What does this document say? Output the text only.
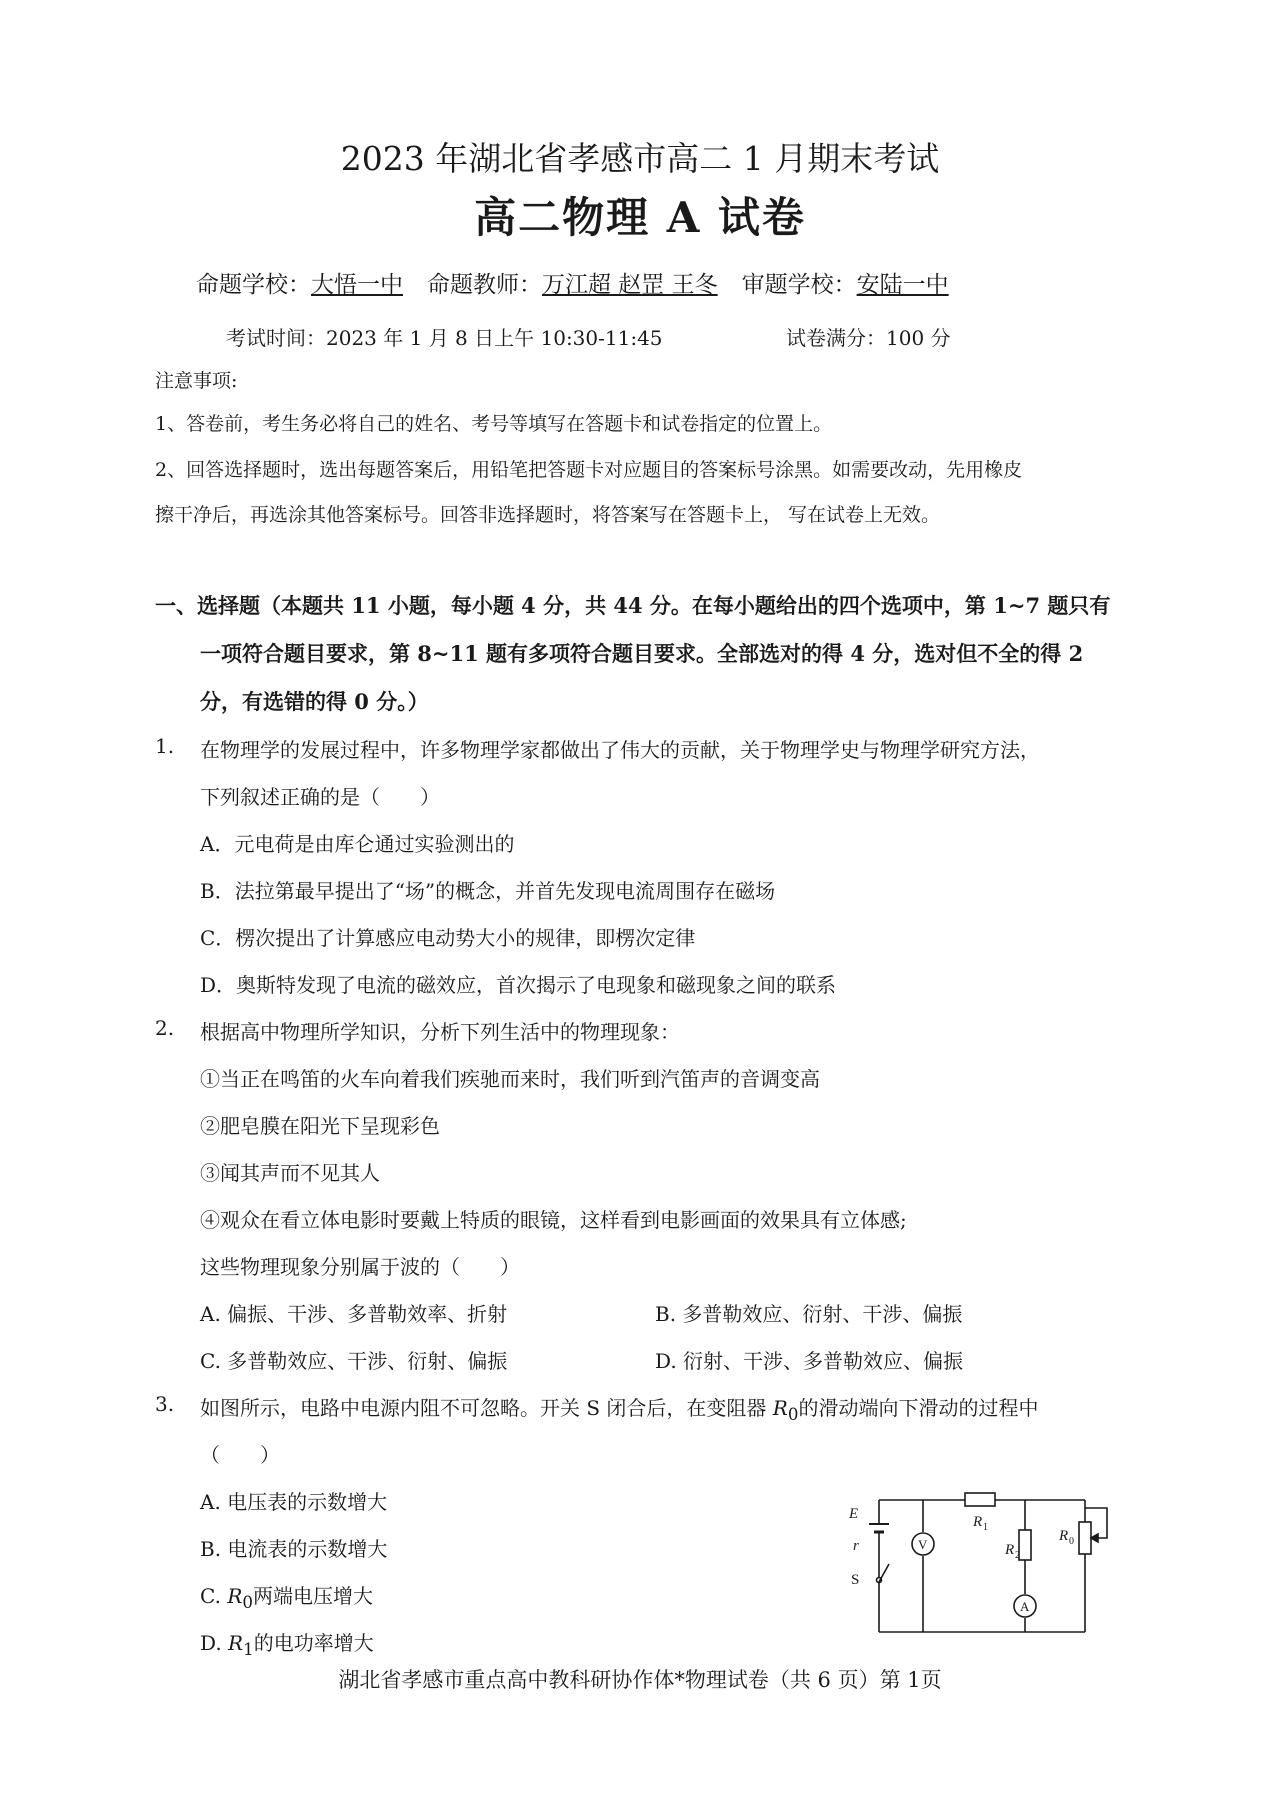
2023 年湖北省孝感市高二 1 月期末考试
高二物理 A 试卷
命题学校：大悟一中 命题教师：万江超 赵罡 王冬 审题学校：安陆一中
考试时间：2023 年 1 月 8 日上午 10:30-11:45	试卷满分：100 分
注意事项:
1、答卷前，考生务必将自己的姓名、考号等填写在答题卡和试卷指定的位置上。
2、回答选择题时，选出每题答案后，用铅笔把答题卡对应题目的答案标号涂黑。如需要改动，先用橡皮
擦干净后，再选涂其他答案标号。回答非选择题时，将答案写在答题卡上， 写在试卷上无效。
一、选择题（本题共 11 小题，每小题 4 分，共 44 分。在每小题给出的四个选项中，第 1~7 题只有
一项符合题目要求，第 8~11 题有多项符合题目要求。全部选对的得 4 分，选对但不全的得 2
分，有选错的得 0 分。）
1. 在物理学的发展过程中，许多物理学家都做出了伟大的贡献，关于物理学史与物理学研究方法，
下列叙述正确的是（　　）
A．元电荷是由库仑通过实验测出的
B．法拉第最早提出了“场”的概念，并首先发现电流周围存在磁场
C．楞次提出了计算感应电动势大小的规律，即楞次定律
D．奥斯特发现了电流的磁效应，首次揭示了电现象和磁现象之间的联系
2. 根据高中物理所学知识，分析下列生活中的物理现象：
①当正在鸣笛的火车向着我们疾驰而来时，我们听到汽笛声的音调变高
②肥皂膜在阳光下呈现彩色
③闻其声而不见其人
④观众在看立体电影时要戴上特质的眼镜，这样看到电影画面的效果具有立体感;
这些物理现象分别属于波的（　　）
A. 偏振、干涉、多普勒效率、折射	B. 多普勒效应、衍射、干涉、偏振
C. 多普勒效应、干涉、衍射、偏振	D. 衍射、干涉、多普勒效应、偏振
3. 如图所示，电路中电源内阻不可忽略。开关 S 闭合后，在变阻器 $R_0$的滑动端向下滑动的过程中
（　　）
A. 电压表的示数增大
B. 电流表的示数增大
C. $R_0$两端电压增大
D. $R_1$的电功率增大
E
r
S
V
A
R 1
R 2
R 0
湖北省孝感市重点高中教科研协作体*物理试卷（共 6 页）第 1页
